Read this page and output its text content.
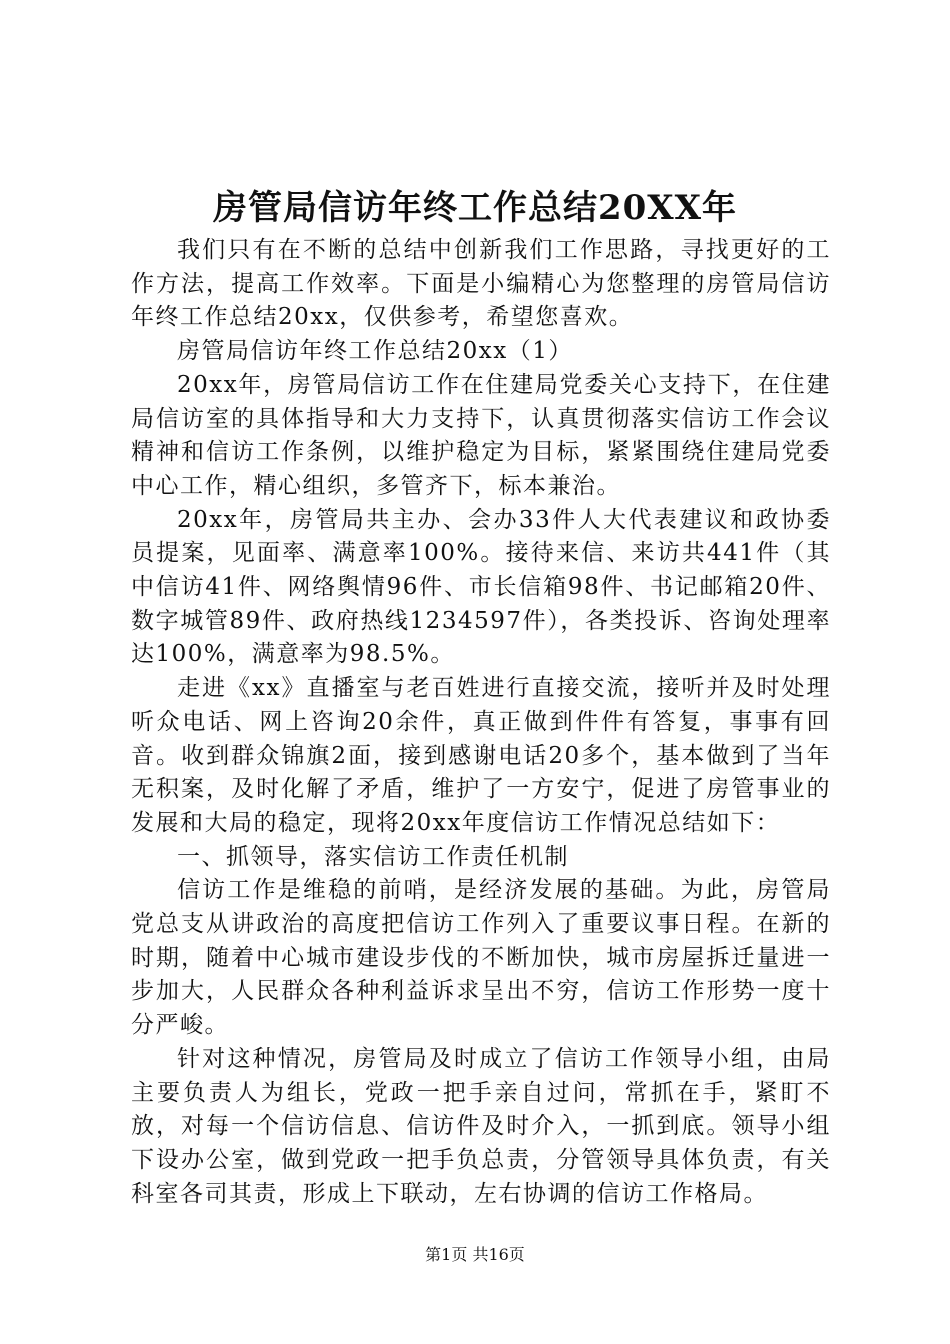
房管局信访年终工作总结20XX年

我们只有在不断的总结中创新我们工作思路，寻找更好的工作方法，提高工作效率。下面是小编精心为您整理的房管局信访年终工作总结20xx，仅供参考，希望您喜欢。

房管局信访年终工作总结20xx（1）

20xx年，房管局信访工作在住建局党委关心支持下，在住建局信访室的具体指导和大力支持下，认真贯彻落实信访工作会议精神和信访工作条例，以维护稳定为目标，紧紧围绕住建局党委中心工作，精心组织，多管齐下，标本兼治。

20xx年，房管局共主办、会办33件人大代表建议和政协委员提案，见面率、满意率100%。接待来信、来访共441件（其中信访41件、网络舆情96件、市长信箱98件、书记邮箱20件、数字城管89件、政府热线1234597件），各类投诉、咨询处理率达100%，满意率为98.5%。

走进《xx》直播室与老百姓进行直接交流，接听并及时处理听众电话、网上咨询20余件，真正做到件件有答复，事事有回音。收到群众锦旗2面，接到感谢电话20多个，基本做到了当年无积案，及时化解了矛盾，维护了一方安宁，促进了房管事业的发展和大局的稳定，现将20xx年度信访工作情况总结如下：

一、抓领导，落实信访工作责任机制

信访工作是维稳的前哨，是经济发展的基础。为此，房管局党总支从讲政治的高度把信访工作列入了重要议事日程。在新的时期，随着中心城市建设步伐的不断加快，城市房屋拆迁量进一步加大，人民群众各种利益诉求呈出不穷，信访工作形势一度十分严峻。

针对这种情况，房管局及时成立了信访工作领导小组，由局主要负责人为组长，党政一把手亲自过问，常抓在手，紧盯不放，对每一个信访信息、信访件及时介入，一抓到底。领导小组下设办公室，做到党政一把手负总责，分管领导具体负责，有关科室各司其责，形成上下联动，左右协调的信访工作格局。

第1页 共16页
